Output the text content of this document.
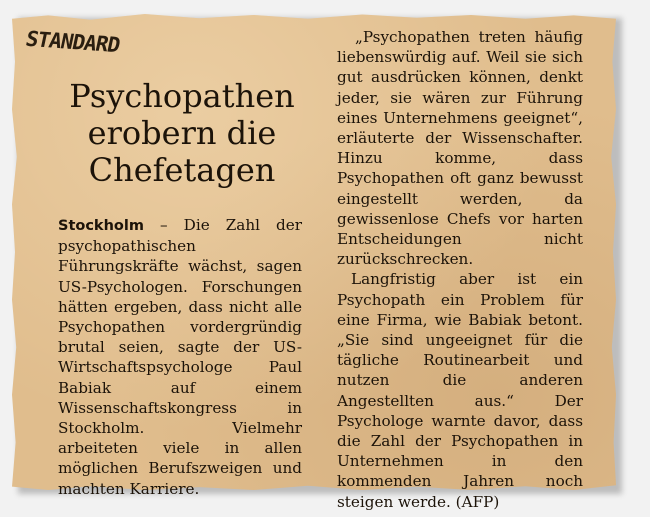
STANDARD
Psychopathen
erobern die
Chefetagen
Stockholm – Die Zahl der psychopathischen Führungskräfte wächst, sagen US-Psychologen. Forschungen hätten ergeben, dass nicht alle Psychopathen vordergründig brutal seien, sagte der US-Wirtschaftspsychologe Paul Babiak auf einem Wissenschaftskongress in Stockholm. Vielmehr arbeiteten viele in allen möglichen Berufszweigen und machten Karriere.

„Psychopathen treten häufig liebenswürdig auf. Weil sie sich gut ausdrücken können, denkt jeder, sie wären zur Führung eines Unternehmens geeignet“, erläuterte der Wissenschafter. Hinzu komme, dass Psychopathen oft ganz bewusst eingestellt werden, da gewissenlose Chefs vor harten Entscheidungen nicht zurückschrecken.

Langfristig aber ist ein Psychopath ein Problem für eine Firma, wie Babiak betont. „Sie sind ungeeignet für die tägliche Routinearbeit und nutzen die anderen Angestellten aus.“ Der Psychologe warnte davor, dass die Zahl der Psychopathen in Unternehmen in den kommenden Jahren noch steigen werde. (AFP)
